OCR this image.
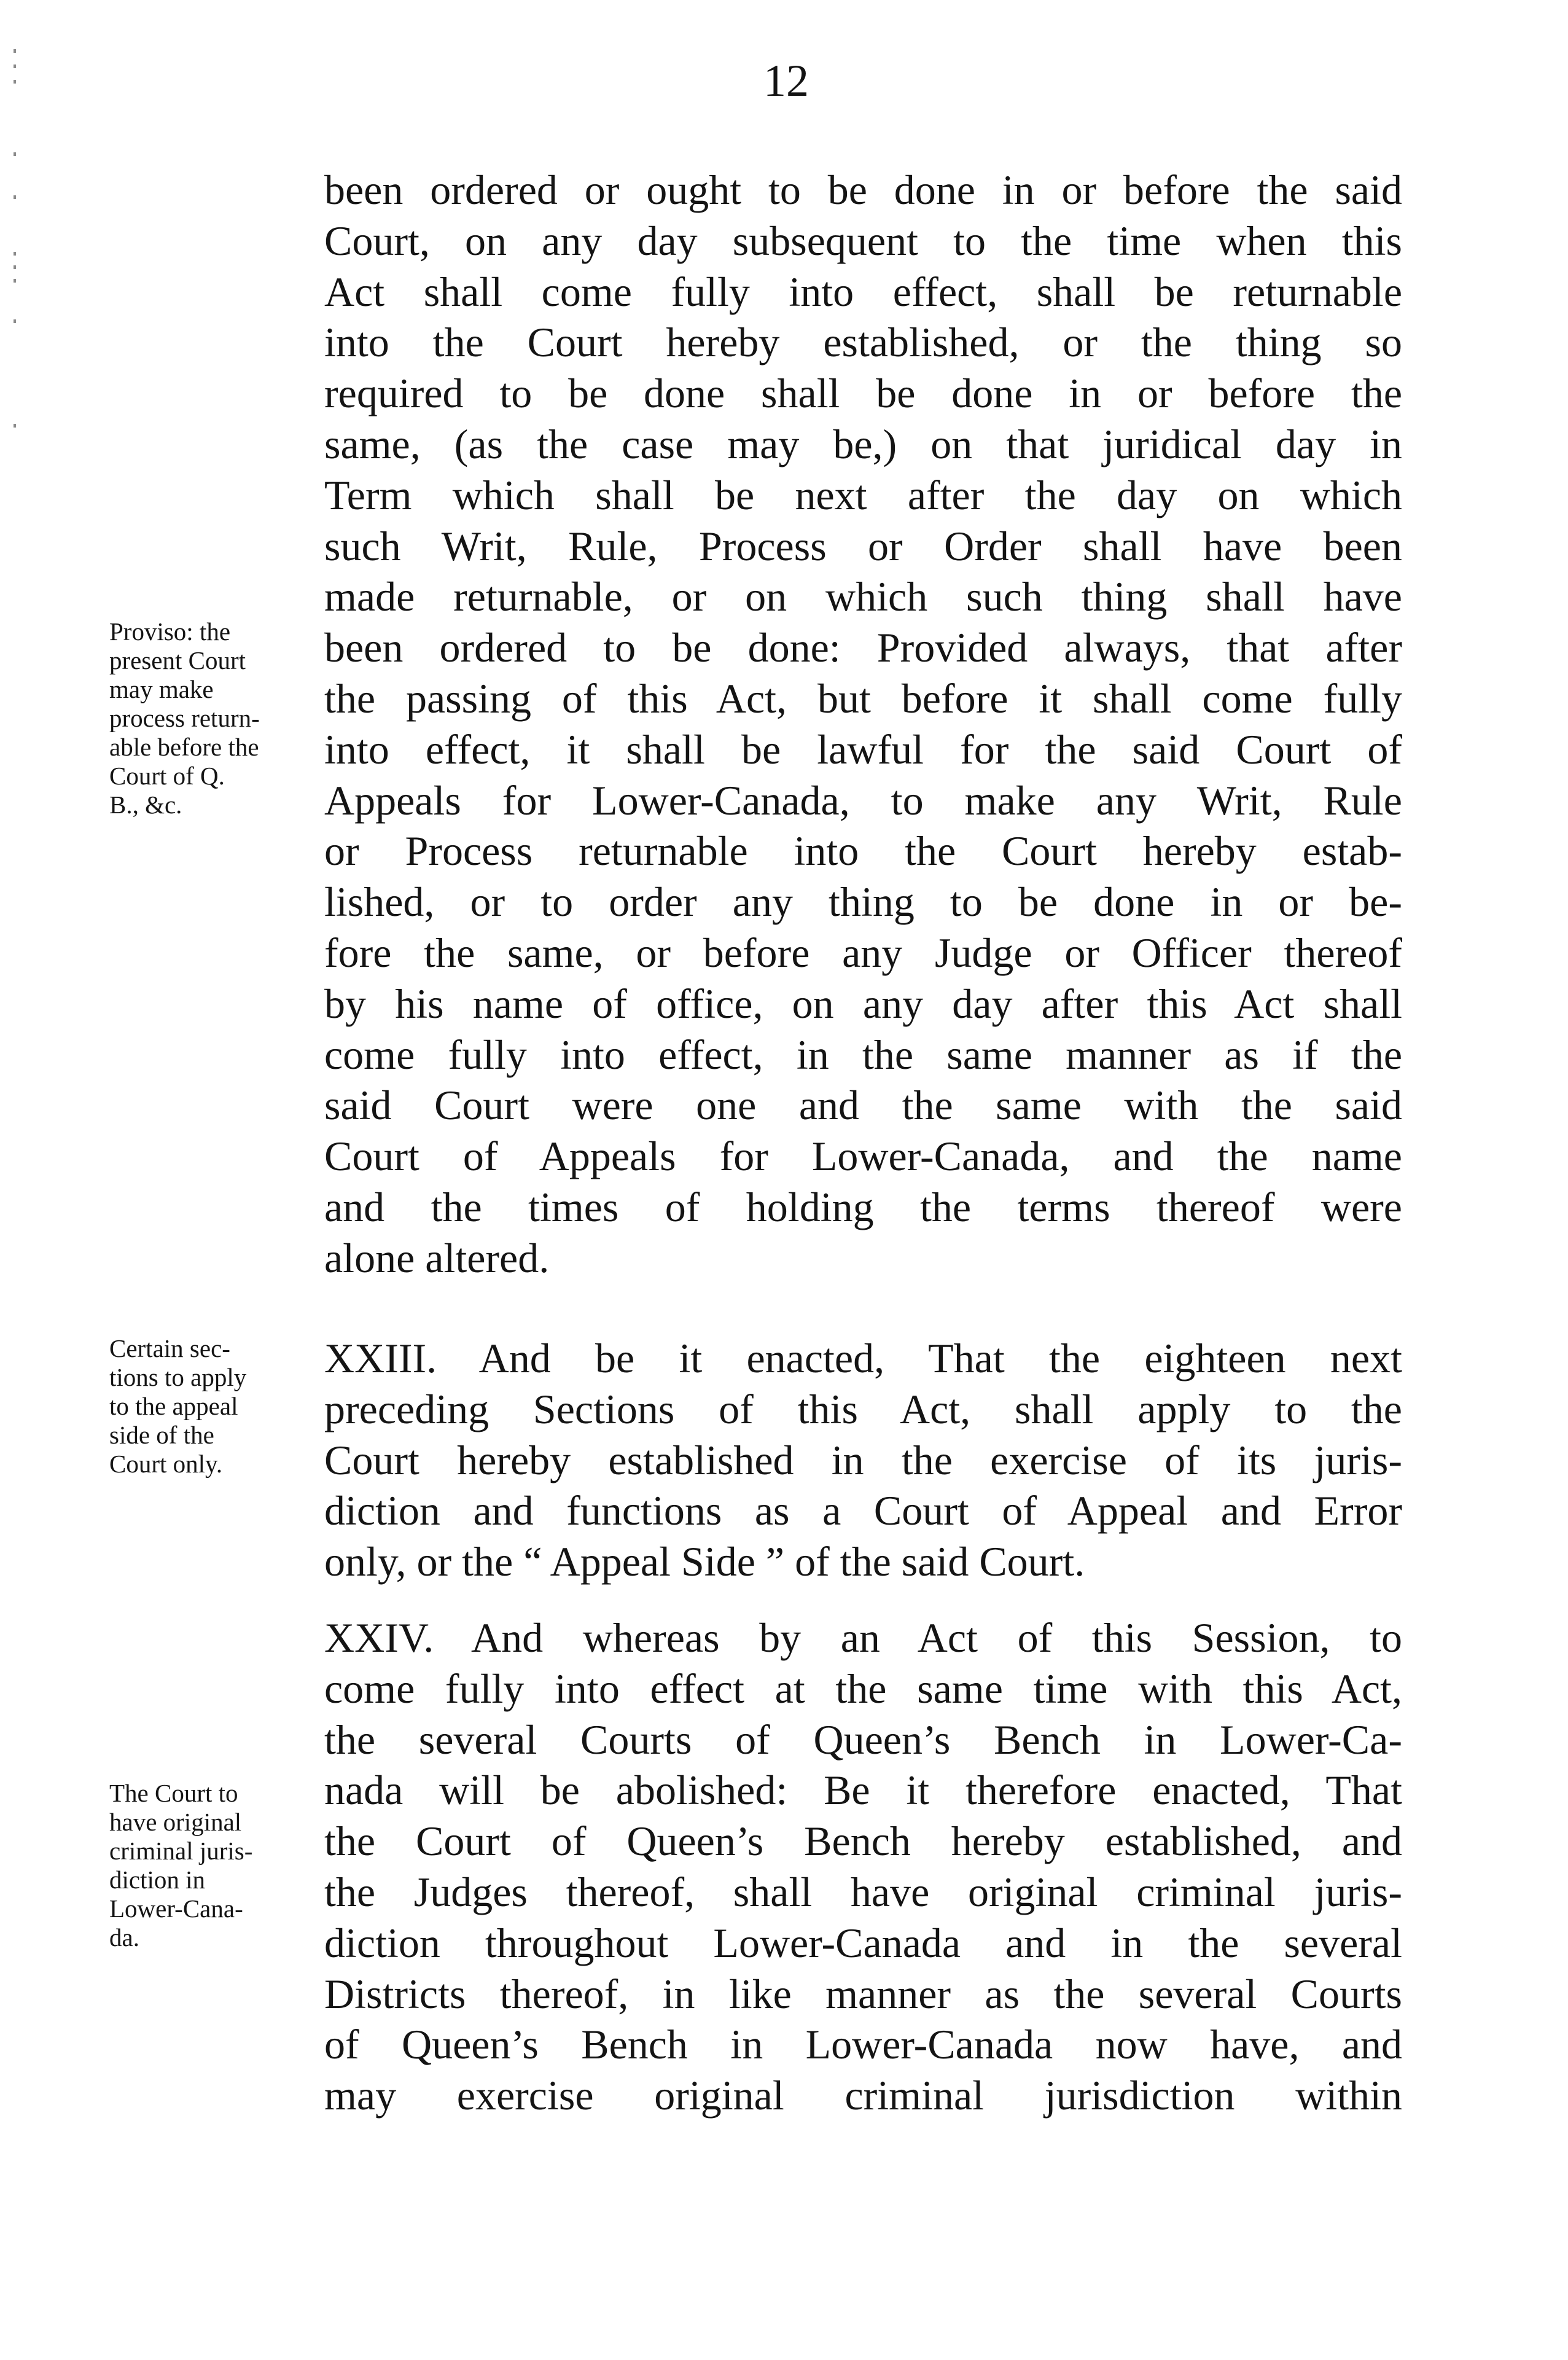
12
Proviso: the
present Court
may make
process return-
able before the
Court of Q.
B., &c.
Certain sec-
tions to apply
to the appeal
side of the
Court only.
The Court to
have original
criminal juris-
diction in
Lower-Cana-
da.
been ordered or ought to be done in or before the said
Court, on any day subsequent to the time when this
Act shall come fully into effect, shall be returnable
into the Court hereby established, or the thing so
required to be done shall be done in or before the
same, (as the case may be,) on that juridical day in
Term which shall be next after the day on which
such Writ, Rule, Process or Order shall have been
made returnable, or on which such thing shall have
been ordered to be done: Provided always, that after
the passing of this Act, but before it shall come fully
into effect, it shall be lawful for the said Court of
Appeals for Lower-Canada, to make any Writ, Rule
or Process returnable into the Court hereby estab-
lished, or to order any thing to be done in or be-
fore the same, or before any Judge or Officer thereof
by his name of office, on any day after this Act shall
come fully into effect, in the same manner as if the
said Court were one and the same with the said
Court of Appeals for Lower-Canada, and the name
and the times of holding the terms thereof were
alone altered.
XXIII. And be it enacted, That the eighteen next
preceding Sections of this Act, shall apply to the
Court hereby established in the exercise of its juris-
diction and functions as a Court of Appeal and Error
only, or the “ Appeal Side ” of the said Court.
XXIV. And whereas by an Act of this Session, to
come fully into effect at the same time with this Act,
the several Courts of Queen’s Bench in Lower-Ca-
nada will be abolished: Be it therefore enacted, That
the Court of Queen’s Bench hereby established, and
the Judges thereof, shall have original criminal juris-
diction throughout Lower-Canada and in the several
Districts thereof, in like manner as the several Courts
of Queen’s Bench in Lower-Canada now have, and
may exercise original criminal jurisdiction within
